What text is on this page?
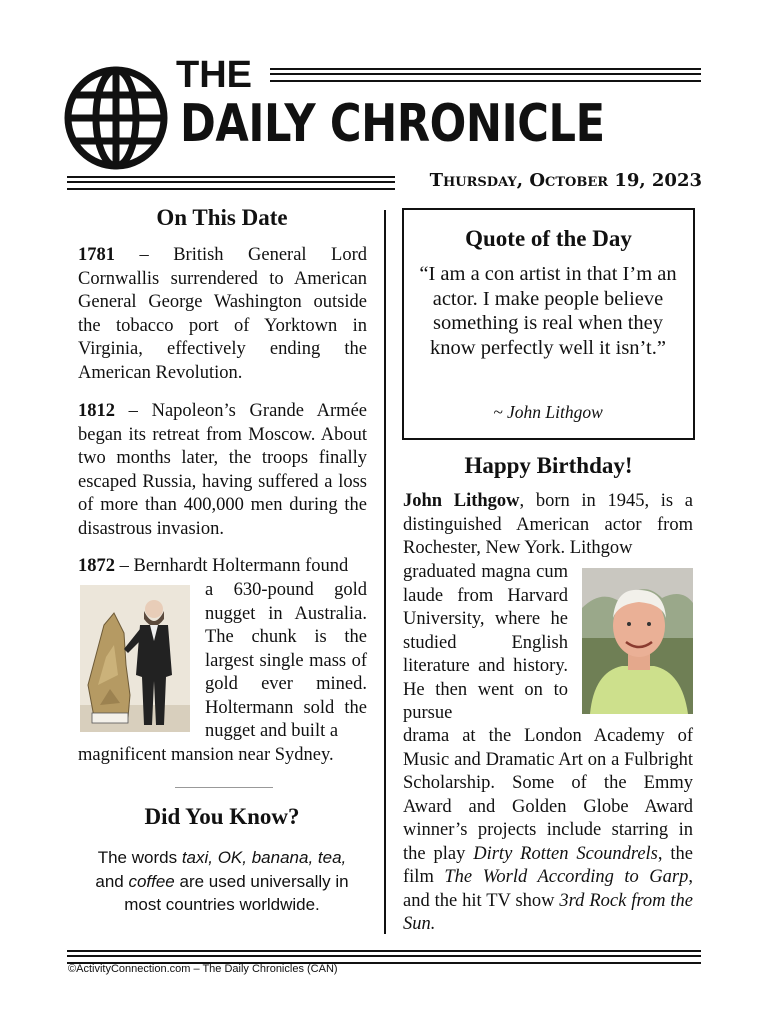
THE
DAILY CHRONICLE
Thursday, October 19, 2023
On This Date
1781 – British General Lord Cornwallis surrendered to American General George Washington outside the tobacco port of Yorktown in Virginia, effectively ending the American Revolution.
1812 – Napoleon’s Grande Armée began its retreat from Moscow. About two months later, the troops finally escaped Russia, having suffered a loss of more than 400,000 men during the disastrous invasion.
1872 – Bernhardt Holtermann found
a 630-pound gold nugget in Australia. The chunk is the largest single mass of gold ever mined. Holtermann sold the nugget and built a
magnificent mansion near Sydney.
Did You Know?
The words taxi, OK, banana, tea, and coffee are used universally in most countries worldwide.
Quote of the Day
“I am a con artist in that I’m an actor. I make people believe something is real when they know perfectly well it isn’t.”
~ John Lithgow
Happy Birthday!
John Lithgow, born in 1945, is a distinguished American actor from Rochester, New York. Lithgow
graduated magna cum laude from Harvard University, where he studied English literature and history. He then went on to pursue
drama at the London Academy of Music and Dramatic Art on a Fulbright Scholarship. Some of the Emmy Award and Golden Globe Award winner’s projects include starring in the play Dirty Rotten Scoundrels, the film The World According to Garp, and the hit TV show 3rd Rock from the Sun.
©ActivityConnection.com – The Daily Chronicles (CAN)
